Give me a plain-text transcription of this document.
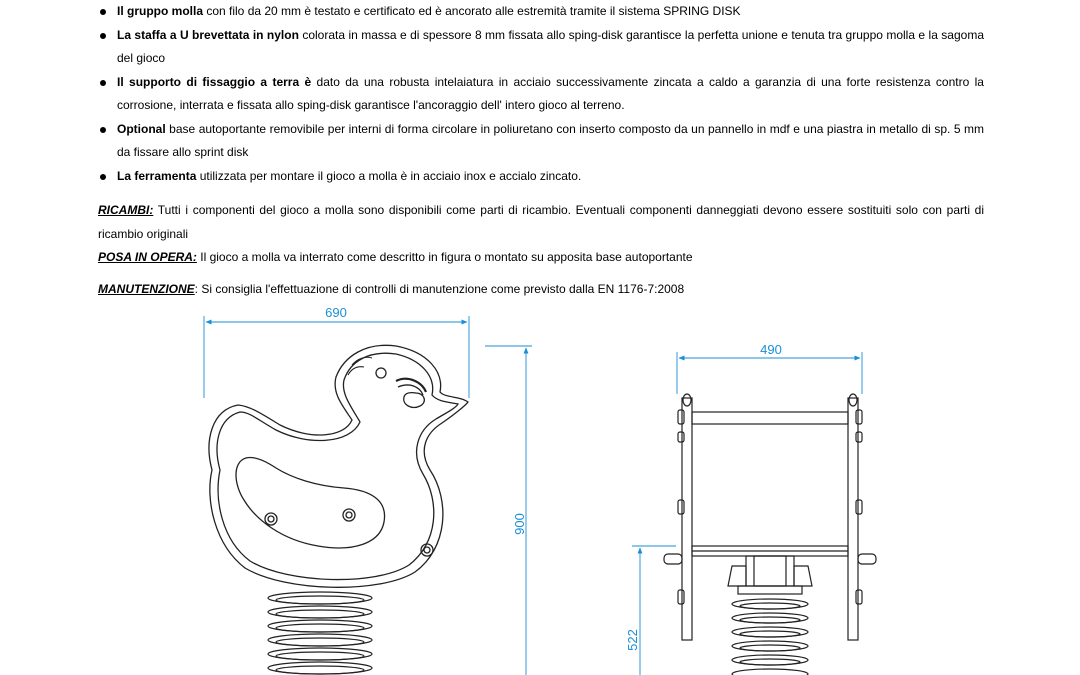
Il gruppo molla con filo da 20 mm è testato e certificato ed è ancorato alle estremità tramite il sistema SPRING DISK
La staffa a U brevettata in nylon colorata in massa e di spessore 8 mm fissata allo sping-disk garantisce la perfetta unione e tenuta tra gruppo molla e la sagoma del gioco
Il supporto di fissaggio a terra è dato da una robusta intelaiatura in acciaio successivamente zincata a caldo a garanzia di una forte resistenza contro la corrosione, interrata e fissata allo sping-disk garantisce l'ancoraggio dell' intero gioco al terreno.
Optional base autoportante removibile per interni di forma circolare in poliuretano con inserto composto da un pannello in mdf e una piastra in metallo di sp. 5 mm da fissare allo sprint disk
La ferramenta utilizzata per montare il gioco a molla è in acciaio inox e accialo zincato.

RICAMBI: Tutti i componenti del gioco a molla sono disponibili come parti di ricambio. Eventuali componenti danneggiati devono essere sostituiti solo con parti di ricambio originali

POSA IN OPERA: Il gioco a molla va interrato come descritto in figura o montato su apposita base autoportante

MANUTENZIONE: Si consiglia l'effettuazione di controlli di manutenzione come previsto dalla EN 1176-7:2008

690
900
490
522
